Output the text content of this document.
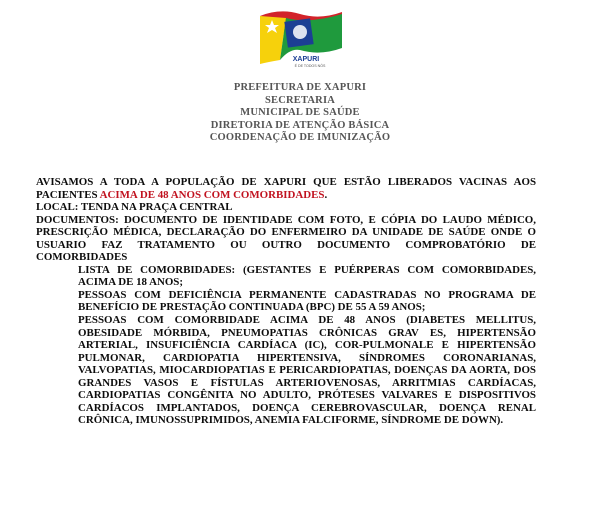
XAPURI
É DE TODOS NÓS
PREFEITURA DE XAPURI
SECRETARIA
MUNICIPAL DE SAÚDE
DIRETORIA DE ATENÇÃO BÁSICA
COORDENAÇÃO DE IMUNIZAÇÃO

AVISAMOS A TODA A POPULAÇÃO DE XAPURI QUE ESTÃO LIBERADOS VACINAS AOS PACIENTES ACIMA DE 48 ANOS COM COMORBIDADES.

LOCAL: TENDA NA PRAÇA CENTRAL

DOCUMENTOS: DOCUMENTO DE IDENTIDADE COM FOTO, E CÓPIA DO LAUDO MÉDICO, PRESCRIÇÃO MÉDICA, DECLARAÇÃO DO ENFERMEIRO DA UNIDADE DE SAÚDE ONDE O USUARIO FAZ TRATAMENTO OU OUTRO DOCUMENTO COMPROBATÓRIO DE COMORBIDADES

LISTA DE COMORBIDADES: (GESTANTES E PUÉRPERAS COM COMORBIDADES, ACIMA DE 18 ANOS;

PESSOAS COM DEFICIÊNCIA PERMANENTE CADASTRADAS NO PROGRAMA DE BENEFÍCIO DE PRESTAÇÃO CONTINUADA (BPC) DE 55 A 59 ANOS;

PESSOAS COM COMORBIDADE ACIMA DE 48 ANOS (DIABETES MELLITUS, OBESIDADE MÓRBIDA, PNEUMOPATIAS CRÔNICAS GRAV ES, HIPERTENSÃO ARTERIAL, INSUFICIÊNCIA CARDÍACA (IC), COR-PULMONALE E HIPERTENSÃO PULMONAR, CARDIOPATIA HIPERTENSIVA, SÍNDROMES CORONARIANAS, VALVOPATIAS, MIOCARDIOPATIAS E PERICARDIOPATIAS, DOENÇAS DA AORTA, DOS GRANDES VASOS E FÍSTULAS ARTERIOVENOSAS, ARRITMIAS CARDÍACAS, CARDIOPATIAS CONGÊNITA NO ADULTO, PRÓTESES VALVARES E DISPOSITIVOS CARDÍACOS IMPLANTADOS, DOENÇA CEREBROVASCULAR, DOENÇA RENAL CRÔNICA, IMUNOSSUPRIMIDOS, ANEMIA FALCIFORME, SÍNDROME DE DOWN).
